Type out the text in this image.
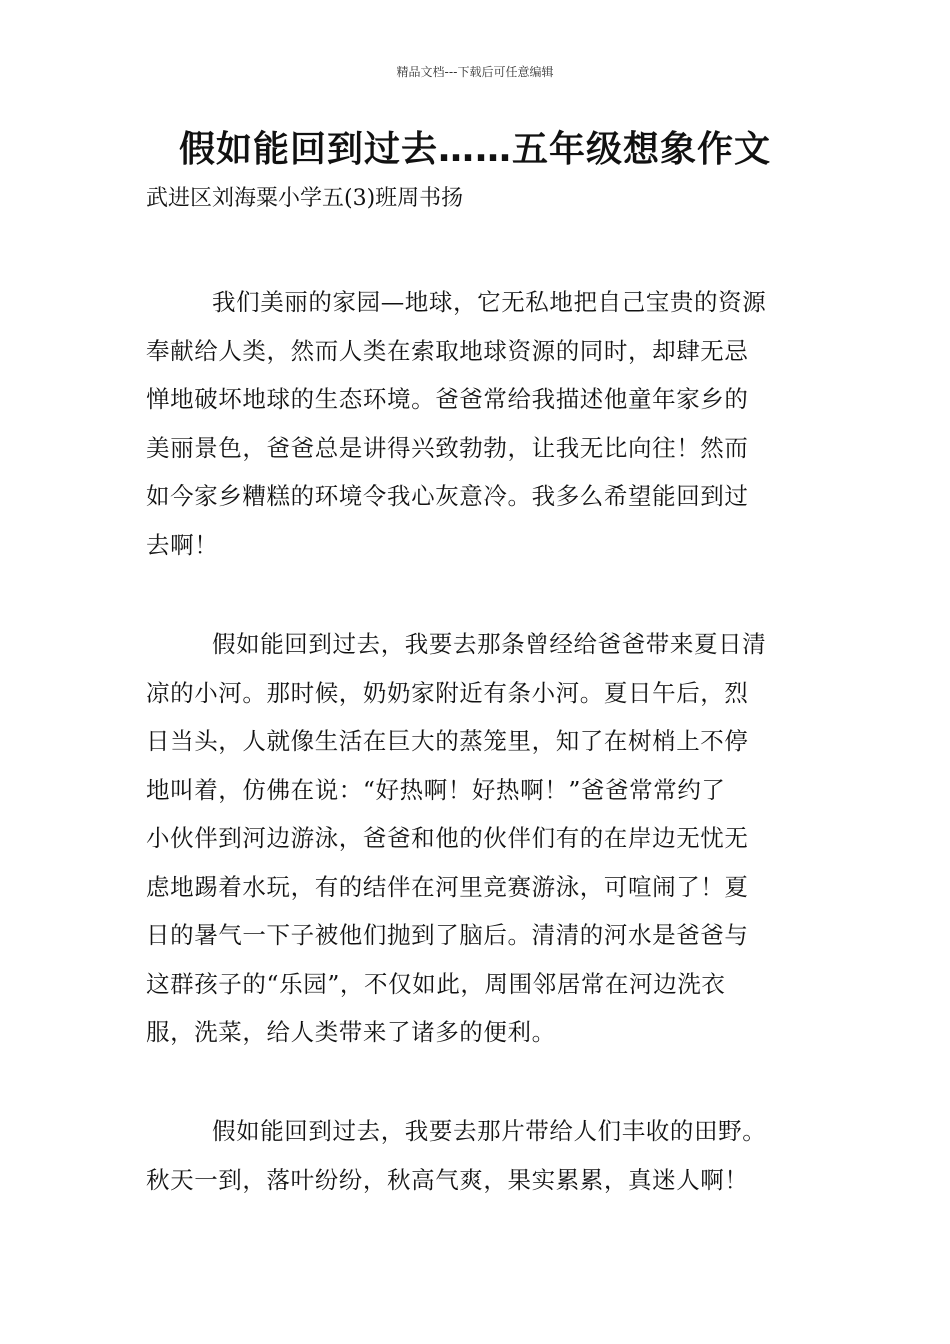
精品文档---下载后可任意编辑
假如能回到过去……五年级想象作文
武进区刘海粟小学五(3)班周书扬
我们美丽的家园—地球，它无私地把自己宝贵的资源
奉献给人类，然而人类在索取地球资源的同时，却肆无忌
惮地破坏地球的生态环境。爸爸常给我描述他童年家乡的
美丽景色，爸爸总是讲得兴致勃勃，让我无比向往！然而
如今家乡糟糕的环境令我心灰意冷。我多么希望能回到过
去啊！
假如能回到过去，我要去那条曾经给爸爸带来夏日清
凉的小河。那时候，奶奶家附近有条小河。夏日午后，烈
日当头，人就像生活在巨大的蒸笼里，知了在树梢上不停
地叫着，仿佛在说：“好热啊！好热啊！”爸爸常常约了
小伙伴到河边游泳，爸爸和他的伙伴们有的在岸边无忧无
虑地踢着水玩，有的结伴在河里竞赛游泳，可喧闹了！夏
日的暑气一下子被他们抛到了脑后。清清的河水是爸爸与
这群孩子的“乐园”，不仅如此，周围邻居常在河边洗衣
服，洗菜，给人类带来了诸多的便利。
假如能回到过去，我要去那片带给人们丰收的田野。
秋天一到，落叶纷纷，秋高气爽，果实累累，真迷人啊！
